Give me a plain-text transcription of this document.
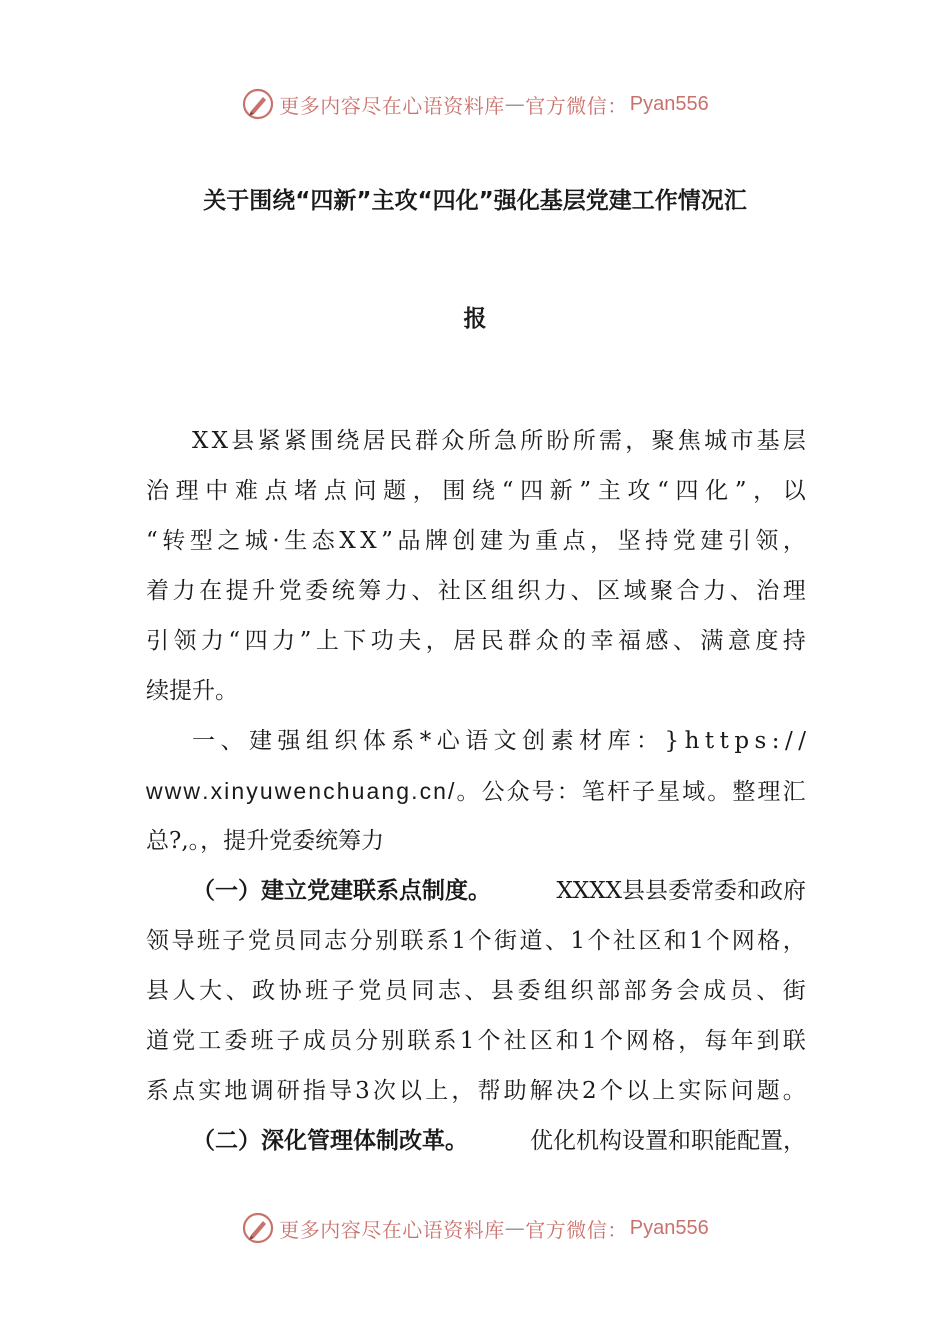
更多内容尽在心语资料库 — 官方微信： Pyan556
关于围绕“四新”主攻“四化”强化基层党建工作情况汇
报
X X 县 紧 紧 围 绕 居 民 群 众 所 急 所 盼 所 需 ， 聚 焦 城 市 基 层
治 理 中 难 点 堵 点 问 题 ， 围 绕 “ 四 新 ” 主 攻 “ 四 化 ” ， 以
“ 转 型 之 城 · 生 态 X X ” 品 牌 创 建 为 重 点 ， 坚 持 党 建 引 领 ，
着 力 在 提 升 党 委 统 筹 力 、 社 区 组 织 力 、 区 域 聚 合 力 、 治 理
引 领 力 “ 四 力 ” 上 下 功 夫 ， 居 民 群 众 的 幸 福 感 、 满 意 度 持
续提升。
一 、 建 强 组 织 体 系 * 心 语 文 创 素 材 库 ： } h t t p s : / /
w w w . x i n y u w e n c h u a n g . c n / 。 公 众 号 ： 笔 杆 子 星 域 。 整 理 汇
总?,。，提升党委统筹力
（一）建立党建联系点制度。	XXXX县县委常委和政府
领 导 班 子 党 员 同 志 分 别 联 系 1 个 街 道 、 1 个 社 区 和 1 个 网 格 ，
县 人 大 、 政 协 班 子 党 员 同 志 、 县 委 组 织 部 部 务 会 成 员 、 街
道 党 工 委 班 子 成 员 分 别 联 系 1 个 社 区 和 1 个 网 格 ， 每 年 到 联
系 点 实 地 调 研 指 导 3 次 以 上 ， 帮 助 解 决 2 个 以 上 实 际 问 题 。
（二）深化管理体制改革。	优化机构设置和职能配置，
更多内容尽在心语资料库 — 官方微信： Pyan556
